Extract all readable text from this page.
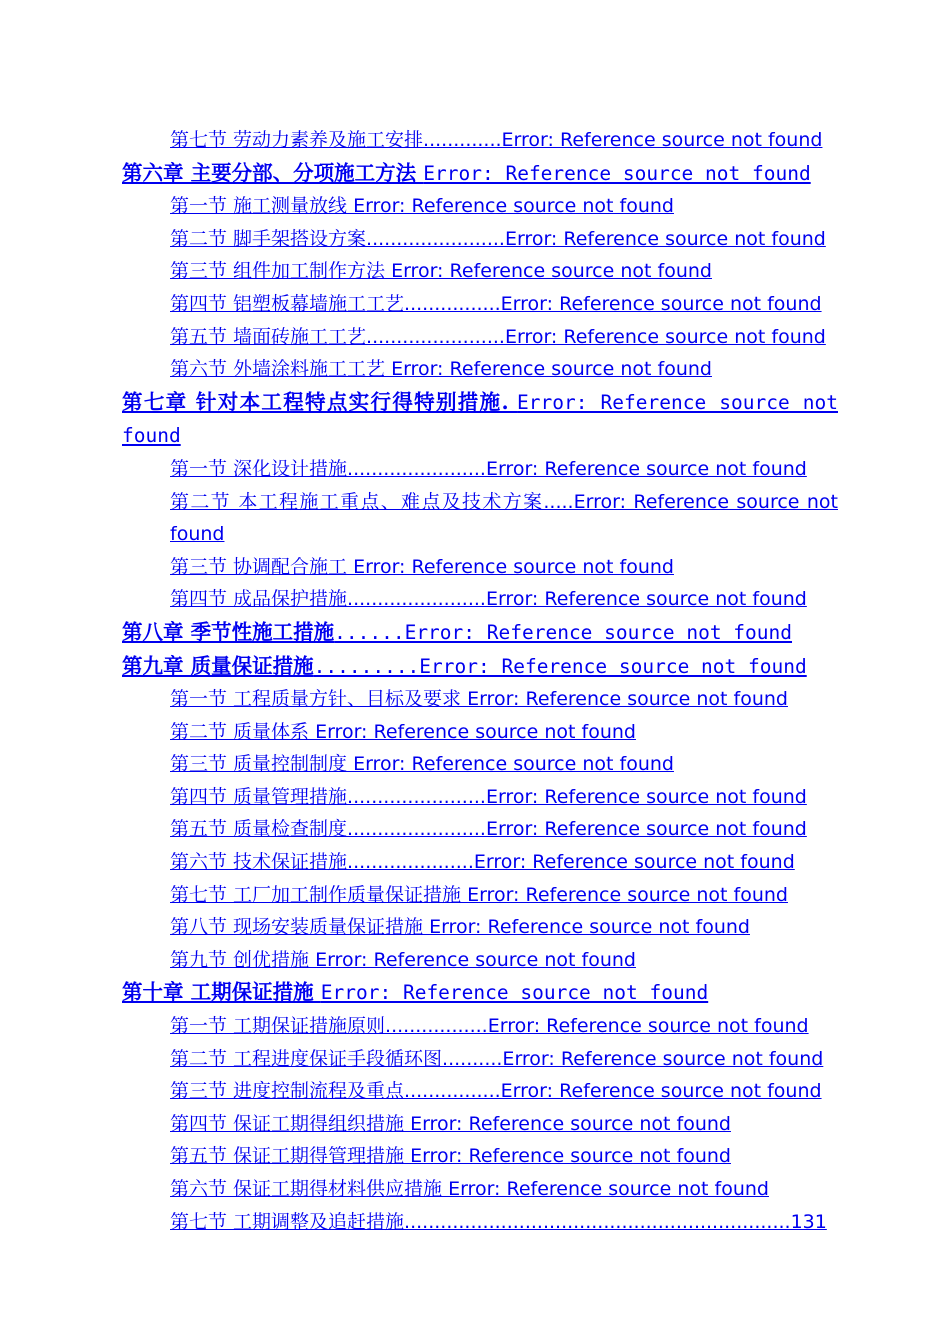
第七节 劳动力素养及施工安排.............Error: Reference source not found
第六章 主要分部、分项施工方法 Error: Reference source not found
第一节 施工测量放线 Error: Reference source not found
第二节 脚手架搭设方案.......................Error: Reference source not found
第三节 组件加工制作方法 Error: Reference source not found
第四节 铝塑板幕墙施工工艺................Error: Reference source not found
第五节 墙面砖施工工艺.......................Error: Reference source not found
第六节 外墙涂料施工工艺 Error: Reference source not found
第七章 针对本工程特点实行得特别措施. Error: Reference source not found
第一节 深化设计措施.......................Error: Reference source not found
第二节 本工程施工重点、难点及技术方案.....Error: Reference source not found
第三节 协调配合施工 Error: Reference source not found
第四节 成品保护措施.......................Error: Reference source not found
第八章 季节性施工措施......Error: Reference source not found
第九章 质量保证措施.........Error: Reference source not found
第一节 工程质量方针、目标及要求 Error: Reference source not found
第二节 质量体系 Error: Reference source not found
第三节 质量控制制度 Error: Reference source not found
第四节 质量管理措施.......................Error: Reference source not found
第五节 质量检查制度.......................Error: Reference source not found
第六节 技术保证措施.....................Error: Reference source not found
第七节 工厂加工制作质量保证措施 Error: Reference source not found
第八节 现场安装质量保证措施 Error: Reference source not found
第九节 创优措施 Error: Reference source not found
第十章 工期保证措施 Error: Reference source not found
第一节 工期保证措施原则.................Error: Reference source not found
第二节 工程进度保证手段循环图..........Error: Reference source not found
第三节 进度控制流程及重点................Error: Reference source not found
第四节 保证工期得组织措施 Error: Reference source not found
第五节 保证工期得管理措施 Error: Reference source not found
第六节 保证工期得材料供应措施 Error: Reference source not found
第七节 工期调整及追赶措施................................................................131
